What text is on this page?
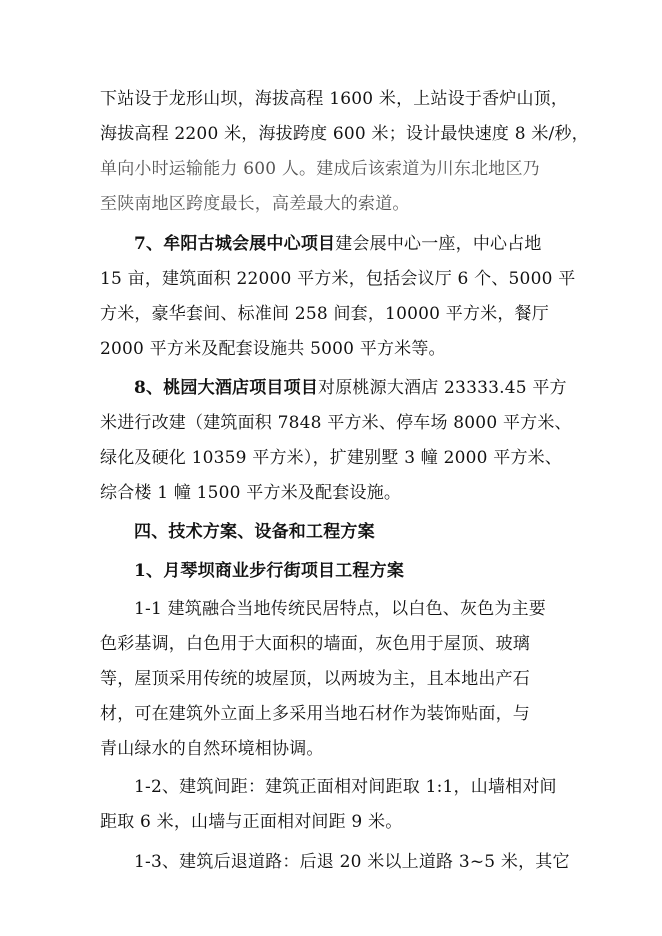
下站设于龙形山坝，海拔高程 1600 米，上站设于香炉山顶，
海拔高程 2200 米，海拔跨度 600 米；设计最快速度 8 米/秒，
单向小时运输能力 600 人。建成后该索道为川东北地区乃
至陕南地区跨度最长，高差最大的索道。
7、牟阳古城会展中心项目建会展中心一座，中心占地
15 亩，建筑面积 22000 平方米，包括会议厅 6 个、5000 平
方米，豪华套间、标准间 258 间套，10000 平方米，餐厅
2000 平方米及配套设施共 5000 平方米等。
8、桃园大酒店项目项目对原桃源大酒店 23333.45 平方
米进行改建（建筑面积 7848 平方米、停车场 8000 平方米、
绿化及硬化 10359 平方米），扩建别墅 3 幢 2000 平方米、
综合楼 1 幢 1500 平方米及配套设施。
四、技术方案、设备和工程方案
1、月琴坝商业步行街项目工程方案
1-1 建筑融合当地传统民居特点，以白色、灰色为主要
色彩基调，白色用于大面积的墙面，灰色用于屋顶、玻璃
等，屋顶采用传统的坡屋顶，以两坡为主，且本地出产石
材，可在建筑外立面上多采用当地石材作为装饰贴面，与
青山绿水的自然环境相协调。
1-2、建筑间距：建筑正面相对间距取 1:1，山墙相对间
距取 6 米，山墙与正面相对间距 9 米。
1-3、建筑后退道路：后退 20 米以上道路 3~5 米，其它
